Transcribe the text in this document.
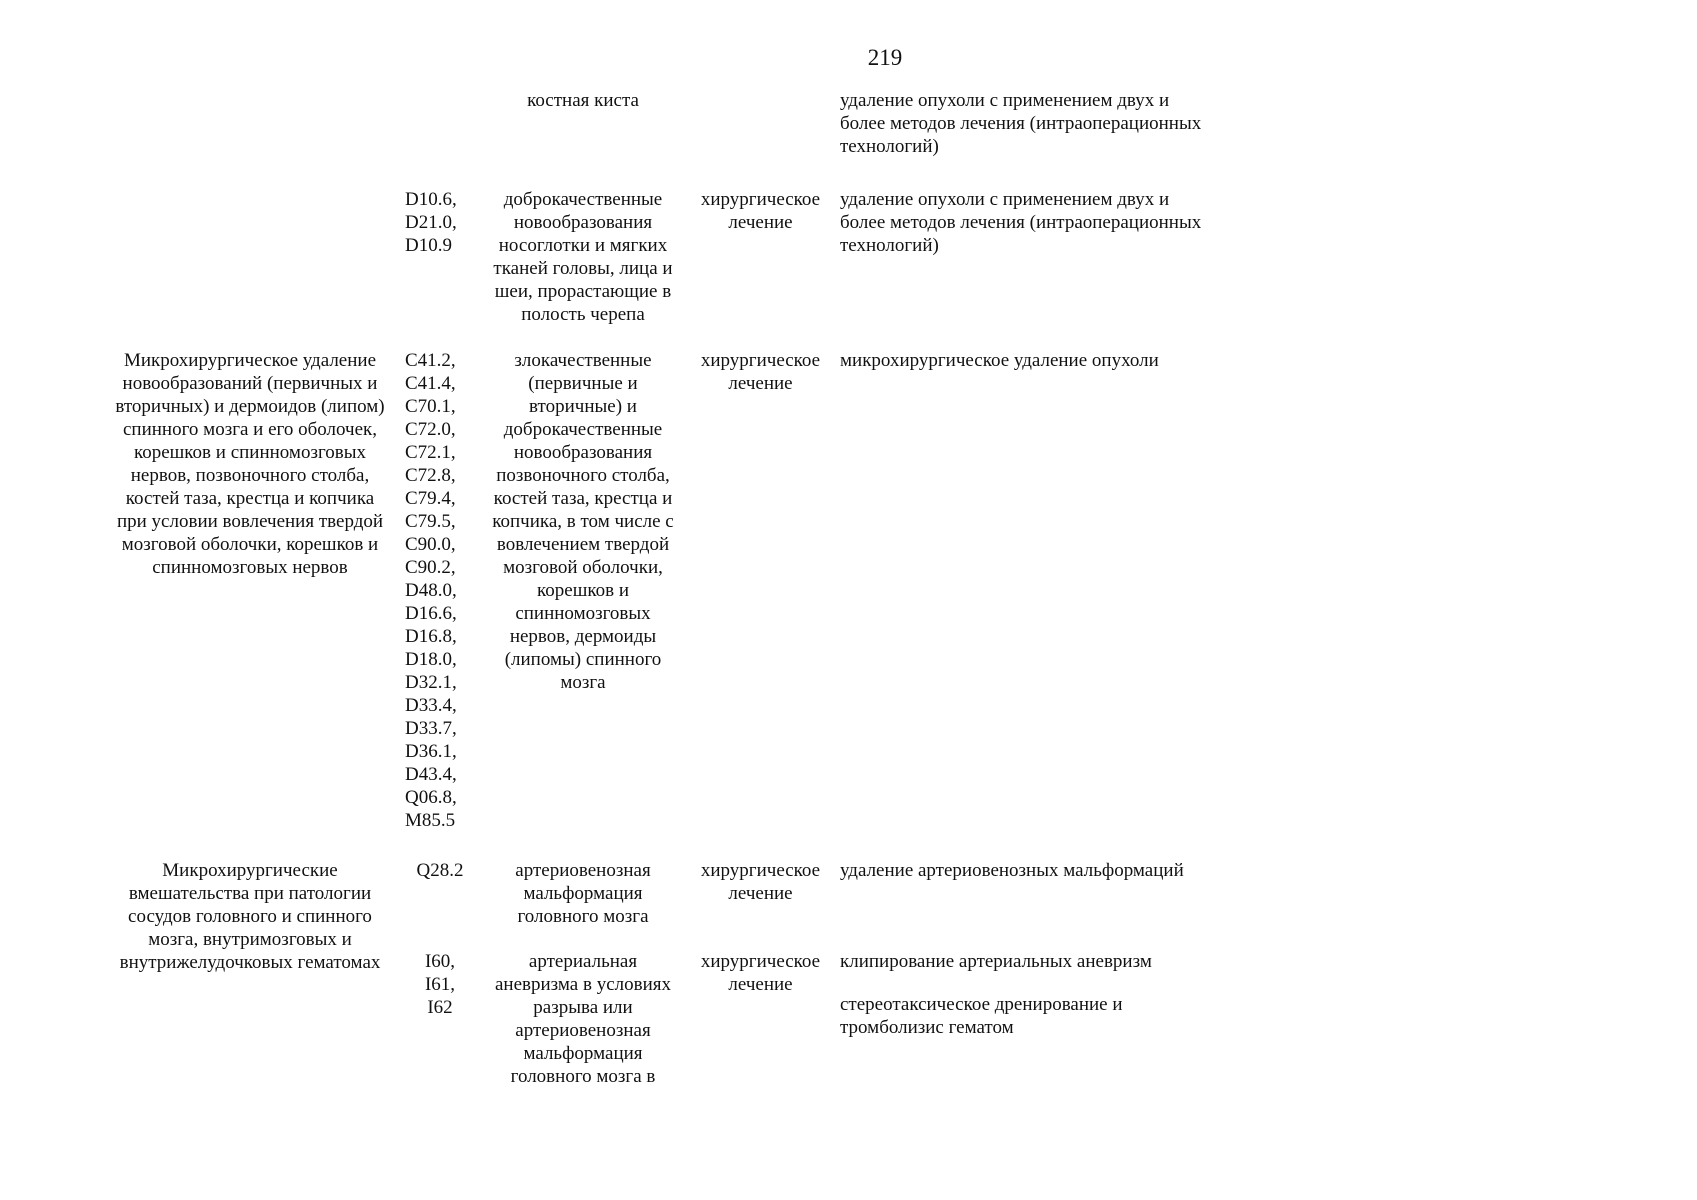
219
костная киста	удаление опухоли с применением двух и
более методов лечения (интраоперационных
технологий)
D10.6,
D21.0,
D10.9
доброкачественные
новообразования
носоглотки и мягких
тканей головы, лица и
шеи, прорастающие в
полость черепа
хирургическое
лечение
удаление опухоли с применением двух и
более методов лечения (интраоперационных
технологий)
Микрохирургическое удаление
новообразований (первичных и
вторичных) и дермоидов (липом)
спинного мозга и его оболочек,
корешков и спинномозговых
нервов, позвоночного столба,
костей таза, крестца и копчика
при условии вовлечения твердой
мозговой оболочки, корешков и
спинномозговых нервов
C41.2,
C41.4,
C70.1,
C72.0,
C72.1,
C72.8,
C79.4,
C79.5,
C90.0,
C90.2,
D48.0,
D16.6,
D16.8,
D18.0,
D32.1,
D33.4,
D33.7,
D36.1,
D43.4,
Q06.8,
M85.5
злокачественные
(первичные и
вторичные) и
доброкачественные
новообразования
позвоночного столба,
костей таза, крестца и
копчика, в том числе с
вовлечением твердой
мозговой оболочки,
корешков и
спинномозговых
нервов, дермоиды
(липомы) спинного
мозга
хирургическое
лечение
микрохирургическое удаление опухоли
Микрохирургические
вмешательства при патологии
сосудов головного и спинного
мозга, внутримозговых и
внутрижелудочковых гематомах
Q28.2	артериовенозная
мальформация
головного мозга
хирургическое
лечение
удаление артериовенозных мальформаций
I60,
I61,
I62
артериальная
аневризма в условиях
разрыва или
артериовенозная
мальформация
головного мозга в
хирургическое
лечение
клипирование артериальных аневризм
стереотаксическое дренирование и
тромболизис гематом
